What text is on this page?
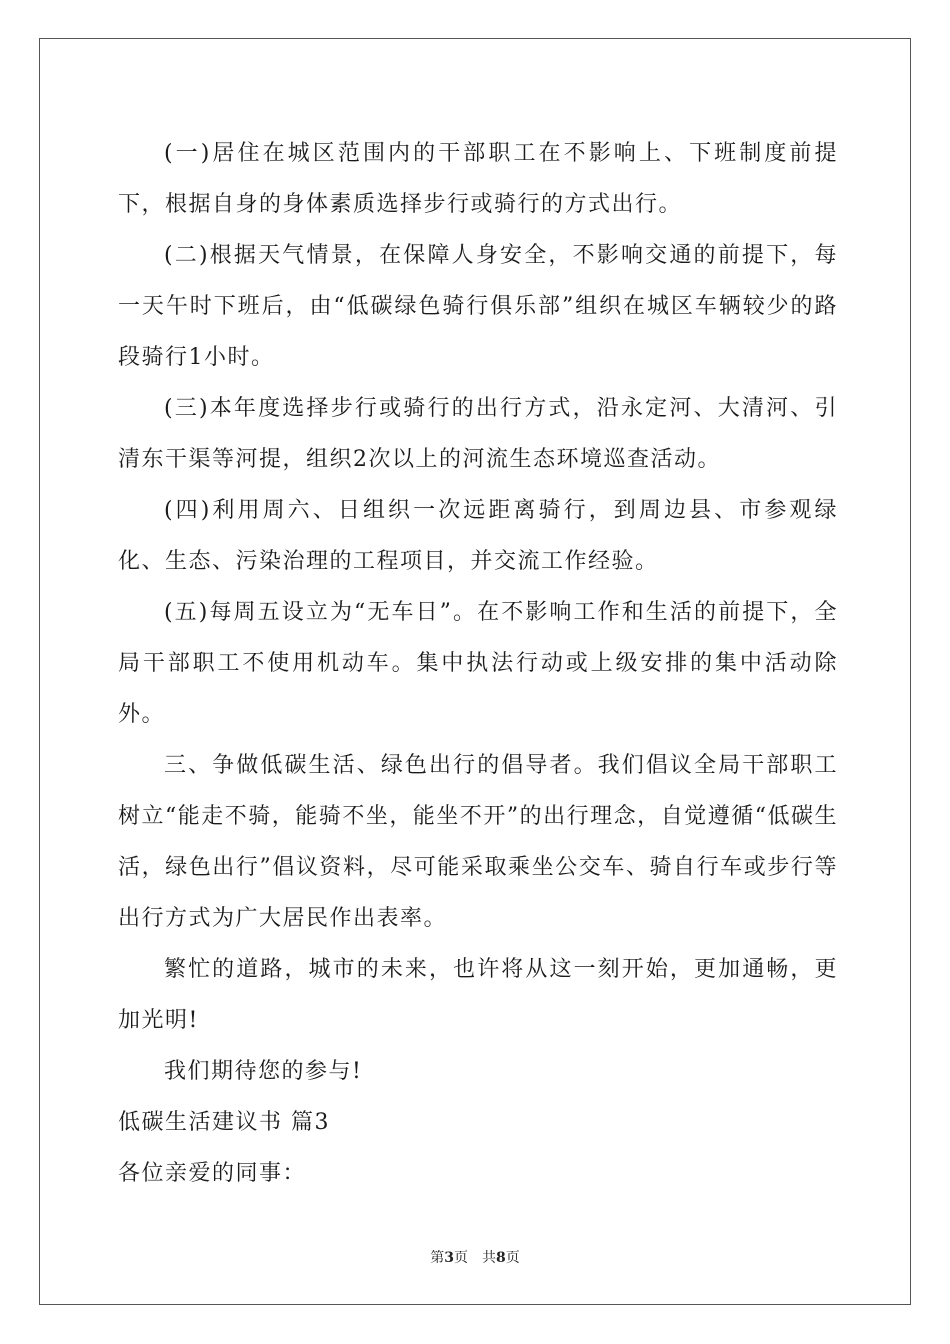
(一)居住在城区范围内的干部职工在不影响上、下班制度前提下，根据自身的身体素质选择步行或骑行的方式出行。

(二)根据天气情景，在保障人身安全，不影响交通的前提下，每一天午时下班后，由“低碳绿色骑行俱乐部”组织在城区车辆较少的路段骑行1小时。

(三)本年度选择步行或骑行的出行方式，沿永定河、大清河、引清东干渠等河提，组织2次以上的河流生态环境巡查活动。

(四)利用周六、日组织一次远距离骑行，到周边县、市参观绿化、生态、污染治理的工程项目，并交流工作经验。

(五)每周五设立为“无车日”。在不影响工作和生活的前提下，全局干部职工不使用机动车。集中执法行动或上级安排的集中活动除外。

三、争做低碳生活、绿色出行的倡导者。我们倡议全局干部职工树立“能走不骑，能骑不坐，能坐不开”的出行理念，自觉遵循“低碳生活，绿色出行”倡议资料，尽可能采取乘坐公交车、骑自行车或步行等出行方式为广大居民作出表率。

繁忙的道路，城市的未来，也许将从这一刻开始，更加通畅，更加光明!

我们期待您的参与!

低碳生活建议书 篇3

各位亲爱的同事：

第3页　共8页
